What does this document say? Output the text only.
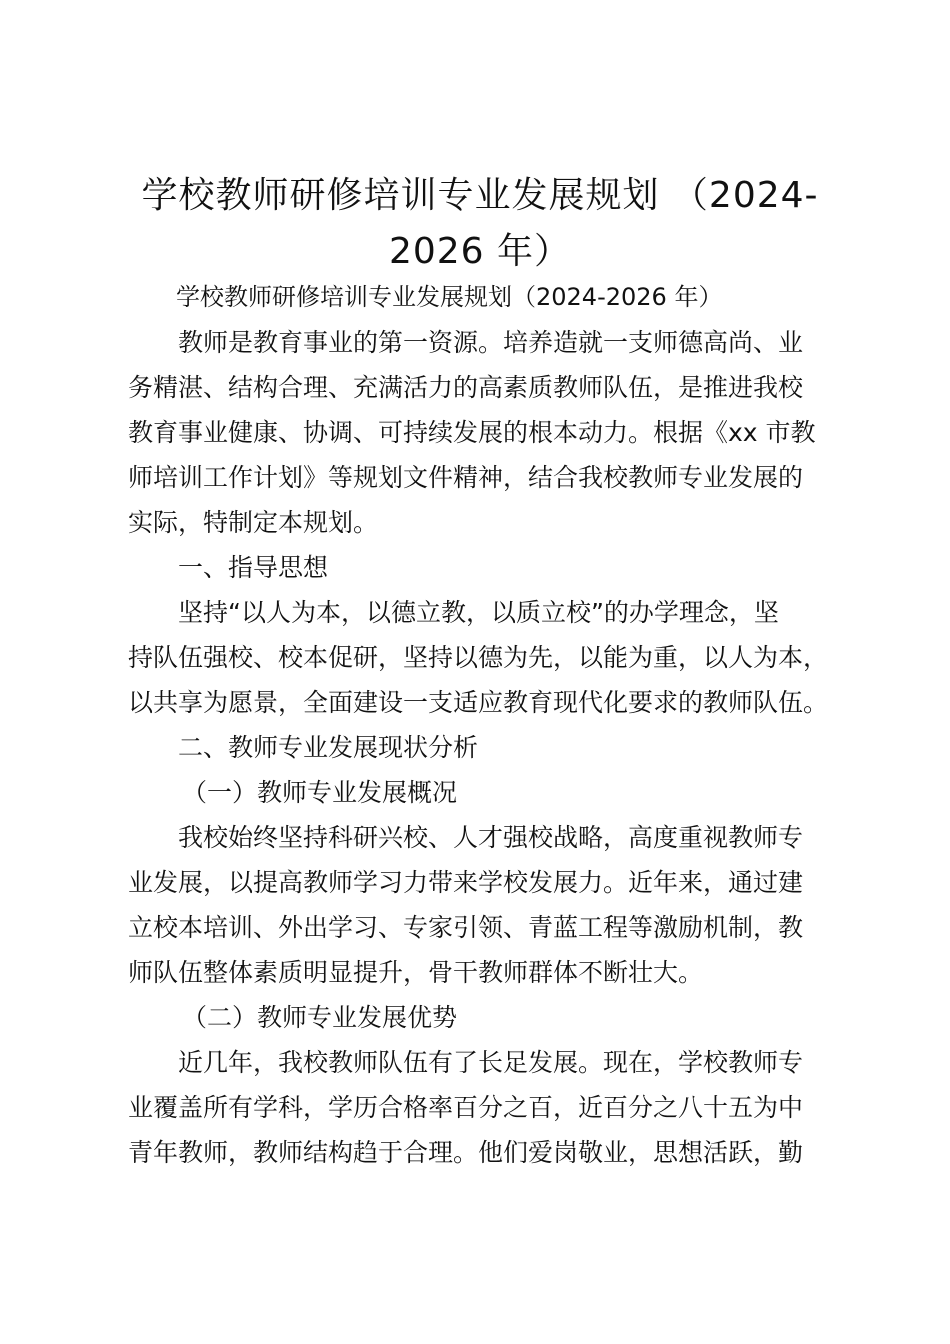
学校教师研修培训专业发展规划 （2024-
2026 年）
学校教师研修培训专业发展规划（2024-2026 年）
教师是教育事业的第一资源。培养造就一支师德高尚、业
务精湛、结构合理、充满活力的高素质教师队伍，是推进我校
教育事业健康、协调、可持续发展的根本动力。根据《xx 市教
师培训工作计划》等规划文件精神，结合我校教师专业发展的
实际，特制定本规划。
一、指导思想
坚持“以人为本，以德立教，以质立校”的办学理念，坚
持队伍强校、校本促研，坚持以德为先，以能为重，以人为本，
以共享为愿景，全面建设一支适应教育现代化要求的教师队伍。
二、教师专业发展现状分析
（一）教师专业发展概况
我校始终坚持科研兴校、人才强校战略，高度重视教师专
业发展，以提高教师学习力带来学校发展力。近年来，通过建
立校本培训、外出学习、专家引领、青蓝工程等激励机制，教
师队伍整体素质明显提升，骨干教师群体不断壮大。
（二）教师专业发展优势
近几年，我校教师队伍有了长足发展。现在，学校教师专
业覆盖所有学科，学历合格率百分之百，近百分之八十五为中
青年教师，教师结构趋于合理。他们爱岗敬业，思想活跃，勤
